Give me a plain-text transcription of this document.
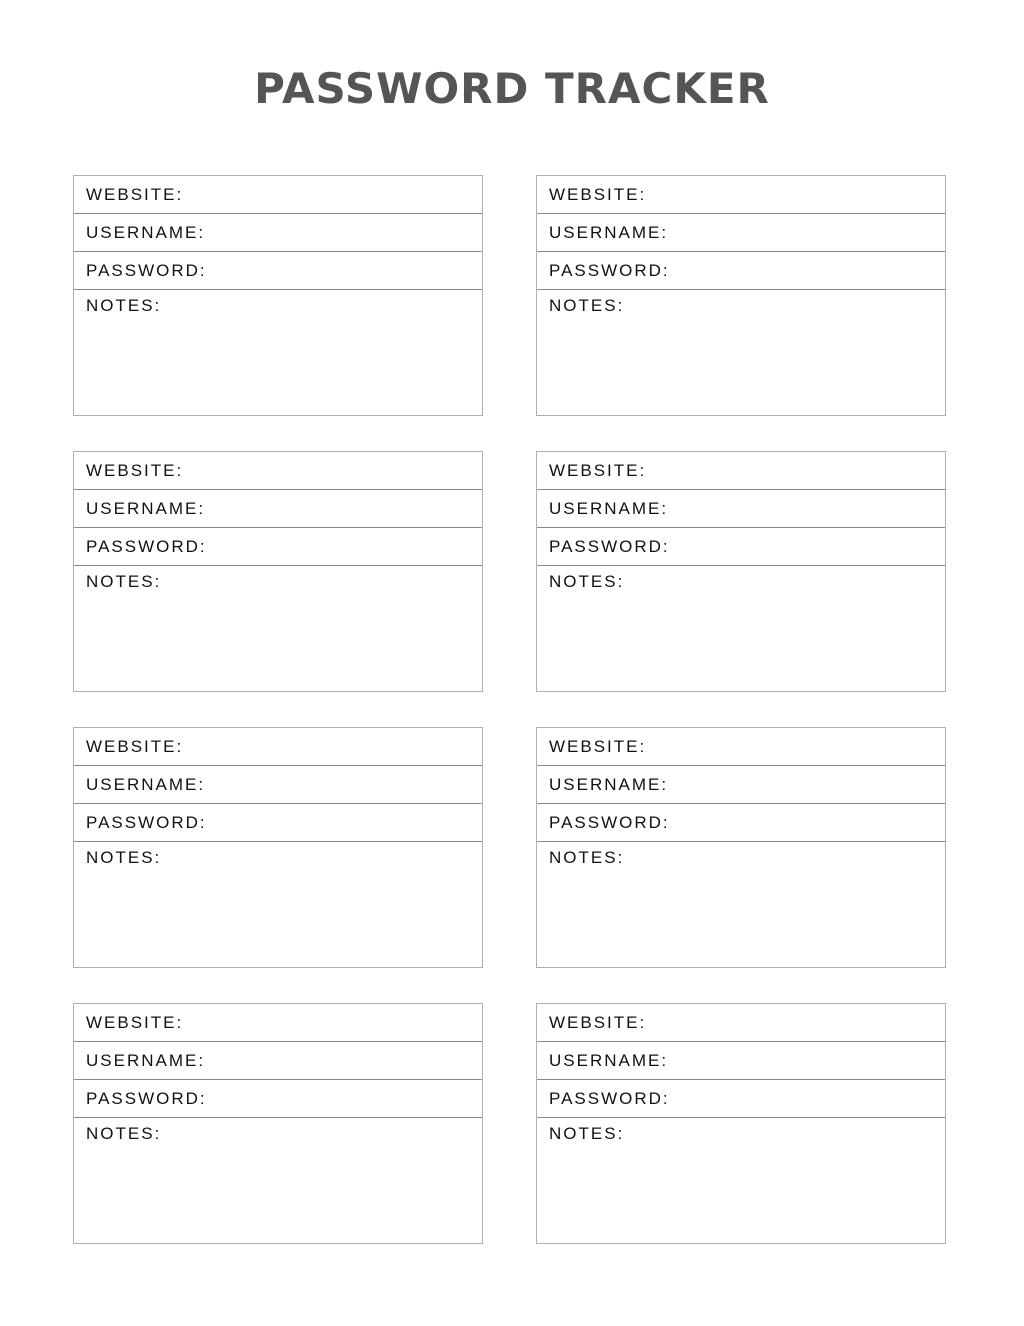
PASSWORD TRACKER
WEBSITE:
USERNAME:
PASSWORD:
NOTES:
WEBSITE:
USERNAME:
PASSWORD:
NOTES:
WEBSITE:
USERNAME:
PASSWORD:
NOTES:
WEBSITE:
USERNAME:
PASSWORD:
NOTES:
WEBSITE:
USERNAME:
PASSWORD:
NOTES:
WEBSITE:
USERNAME:
PASSWORD:
NOTES:
WEBSITE:
USERNAME:
PASSWORD:
NOTES:
WEBSITE:
USERNAME:
PASSWORD:
NOTES:
